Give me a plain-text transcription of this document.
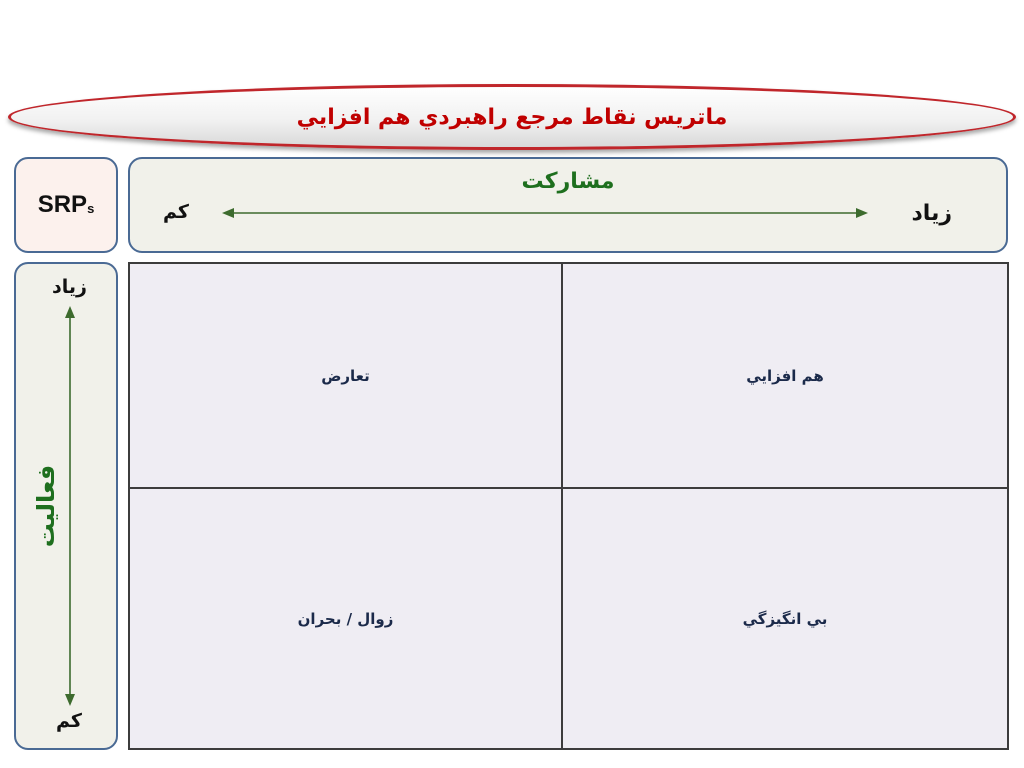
ماتريس نقاط مرجع راهبردي هم افزايي
$SRP_s$
مشاركت
كم	زياد
زياد
فعاليت
كم
تعارض	هم افزايي
زوال / بحران	بي انگيزگي
